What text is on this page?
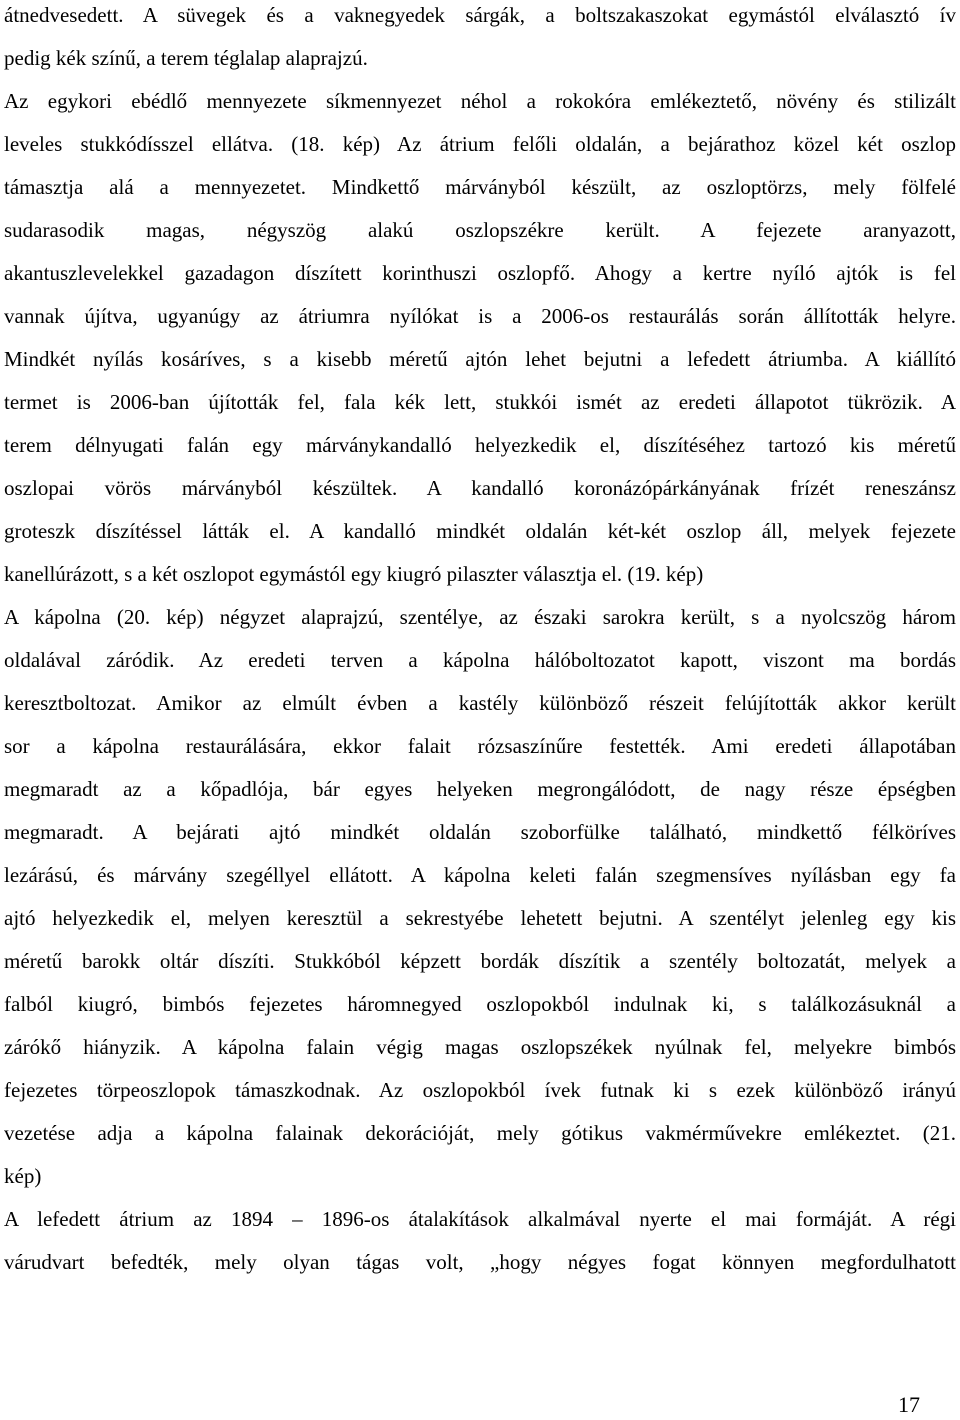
átnedvesedett. A süvegek és a vaknegyedek sárgák, a boltszakaszokat egymástól elválasztó ív

pedig kék színű, a terem téglalap alaprajzú.

Az egykori ebédlő mennyezete síkmennyezet néhol a rokokóra emlékeztető, növény és stilizált

leveles stukkódísszel ellátva. (18. kép) Az átrium felőli oldalán, a bejárathoz közel két oszlop

támasztja alá a mennyezetet. Mindkettő márványból készült, az oszloptörzs, mely fölfelé

sudarasodik magas, négyszög alakú oszlopszékre került. A fejezete aranyazott,

akantuszlevelekkel gazadagon díszített korinthuszi oszlopfő. Ahogy a kertre nyíló ajtók is fel

vannak újítva, ugyanúgy az átriumra nyílókat is a 2006-os restaurálás során állították helyre.

Mindkét nyílás kosáríves, s a kisebb méretű ajtón lehet bejutni a lefedett átriumba. A kiállító

termet is 2006-ban újították fel, fala kék lett, stukkói ismét az eredeti állapotot tükrözik. A

terem délnyugati falán egy márványkandalló helyezkedik el, díszítéséhez tartozó kis méretű

oszlopai vörös márványból készültek. A kandalló koronázópárkányának frízét reneszánsz

groteszk díszítéssel látták el. A kandalló mindkét oldalán két-két oszlop áll, melyek fejezete

kanellúrázott, s a két oszlopot egymástól egy kiugró pilaszter választja el. (19. kép)

A kápolna (20. kép) négyzet alaprajzú, szentélye, az északi sarokra került, s a nyolcszög három

oldalával záródik. Az eredeti terven a kápolna hálóboltozatot kapott, viszont ma bordás

keresztboltozat. Amikor az elmúlt évben a kastély különböző részeit felújították akkor került

sor a kápolna restaurálására, ekkor falait rózsaszínűre festették. Ami eredeti állapotában

megmaradt az a kőpadlója, bár egyes helyeken megrongálódott, de nagy része épségben

megmaradt. A bejárati ajtó mindkét oldalán szoborfülke található, mindkettő félköríves

lezárású, és márvány szegéllyel ellátott. A kápolna keleti falán szegmensíves nyílásban egy fa

ajtó helyezkedik el, melyen keresztül a sekrestyébe lehetett bejutni. A szentélyt jelenleg egy kis

méretű barokk oltár díszíti. Stukkóból képzett bordák díszítik a szentély boltozatát, melyek a

falból kiugró, bimbós fejezetes háromnegyed oszlopokból indulnak ki, s találkozásuknál a

zárókő hiányzik. A kápolna falain végig magas oszlopszékek nyúlnak fel, melyekre bimbós

fejezetes törpeoszlopok támaszkodnak. Az oszlopokból ívek futnak ki s ezek különböző irányú

vezetése adja a kápolna falainak dekorációját, mely gótikus vakmérművekre emlékeztet. (21.

kép)

A lefedett átrium az 1894 – 1896-os átalakítások alkalmával nyerte el mai formáját. A régi

várudvart befedték, mely olyan tágas volt, „hogy négyes fogat könnyen megfordulhatott

17
